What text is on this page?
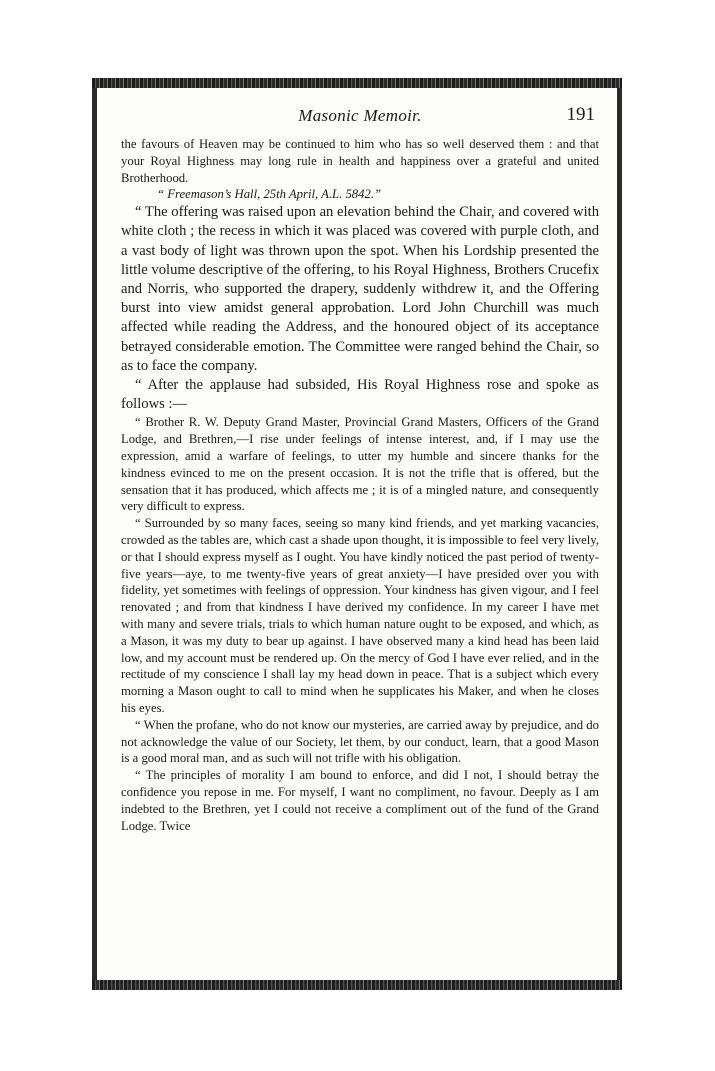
Masonic Memoir.	191

the favours of Heaven may be continued to him who has so well deserved them : and that your Royal Highness may long rule in health and happiness over a grateful and united Brotherhood.

“ Freemason’s Hall, 25th April, A.L. 5842.”

“ The offering was raised upon an elevation behind the Chair, and covered with white cloth ; the recess in which it was placed was covered with purple cloth, and a vast body of light was thrown upon the spot. When his Lordship presented the little volume descriptive of the offering, to his Royal Highness, Brothers Crucefix and Norris, who supported the drapery, suddenly withdrew it, and the Offering burst into view amidst general approbation. Lord John Churchill was much affected while reading the Address, and the honoured object of its acceptance betrayed considerable emotion. The Committee were ranged behind the Chair, so as to face the company.

“ After the applause had subsided, His Royal Highness rose and spoke as follows :—

“ Brother R. W. Deputy Grand Master, Provincial Grand Masters, Officers of the Grand Lodge, and Brethren,—I rise under feelings of intense interest, and, if I may use the expression, amid a warfare of feelings, to utter my humble and sincere thanks for the kindness evinced to me on the present occasion. It is not the trifle that is offered, but the sensation that it has produced, which affects me ; it is of a mingled nature, and consequently very difficult to express.

“ Surrounded by so many faces, seeing so many kind friends, and yet marking vacancies, crowded as the tables are, which cast a shade upon thought, it is impossible to feel very lively, or that I should express myself as I ought. You have kindly noticed the past period of twenty-five years—aye, to me twenty-five years of great anxiety—I have presided over you with fidelity, yet sometimes with feelings of oppression. Your kindness has given vigour, and I feel renovated ; and from that kindness I have derived my confidence. In my career I have met with many and severe trials, trials to which human nature ought to be exposed, and which, as a Mason, it was my duty to bear up against. I have observed many a kind head has been laid low, and my account must be rendered up. On the mercy of God I have ever relied, and in the rectitude of my conscience I shall lay my head down in peace. That is a subject which every morning a Mason ought to call to mind when he supplicates his Maker, and when he closes his eyes.

“ When the profane, who do not know our mysteries, are carried away by prejudice, and do not acknowledge the value of our Society, let them, by our conduct, learn, that a good Mason is a good moral man, and as such will not trifle with his obligation.

“ The principles of morality I am bound to enforce, and did I not, I should betray the confidence you repose in me. For myself, I want no compliment, no favour. Deeply as I am indebted to the Brethren, yet I could not receive a compliment out of the fund of the Grand Lodge. Twice
